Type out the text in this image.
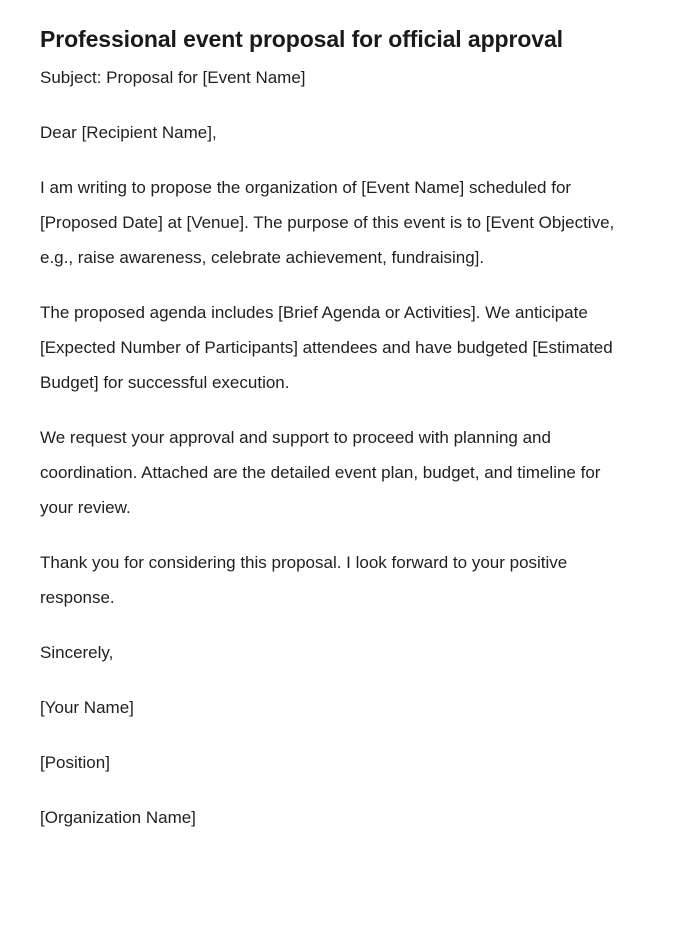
Professional event proposal for official approval

Subject: Proposal for [Event Name]

Dear [Recipient Name],

I am writing to propose the organization of [Event Name] scheduled for [Proposed Date] at [Venue]. The purpose of this event is to [Event Objective, e.g., raise awareness, celebrate achievement, fundraising].

The proposed agenda includes [Brief Agenda or Activities]. We anticipate [Expected Number of Participants] attendees and have budgeted [Estimated Budget] for successful execution.

We request your approval and support to proceed with planning and coordination. Attached are the detailed event plan, budget, and timeline for your review.

Thank you for considering this proposal. I look forward to your positive response.

Sincerely,

[Your Name]

[Position]

[Organization Name]
